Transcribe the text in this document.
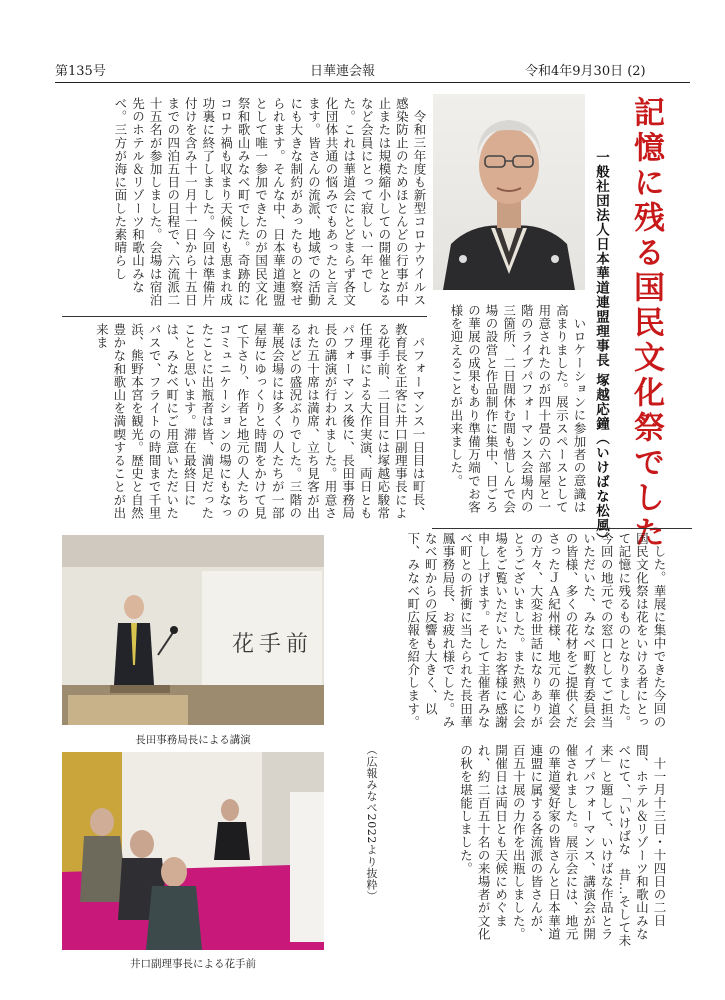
第135号	日華連会報	令和4年9月30日 (2)
記憶に残る国民文化祭でした
一般社団法人日本華道連盟理事長 塚越応鐘（いけばな松風）

令和三年度も新型コロナウイルス感染防止のためほとんどの行事が中止または規模縮小しての開催となるなど会員にとって寂しい一年でした。これは華道会にとどまらず各文化団体共通の悩みでもあったと言えます。皆さんの流派、地域での活動にも大きな制約があったものと察せられます。そんな中、日本華道連盟として唯一参加できたのが国民文化祭和歌山みなべ町でした。奇跡的にコロナ禍も収まり天候にも恵まれ成功裏に終了しました。今回は準備片付けを含み十一月十一日から十五日までの四泊五日の日程で、六流派二十五名が参加しました。会場は宿泊先のホテル＆リゾーツ和歌山みなべ。三方が海に面した素晴らし

いロケーションに参加者の意識は高まりました。展示スペースとして用意されたのが四十畳の六部屋と一階のライブパフォーマンス会場内の三箇所、二日間休む間も惜しんで会場の設営と作品制作に集中、日ごろの華展の成果もあり準備万端でお客様を迎えることが出来ました。

パフォーマンス一日目は町長、教育長を正客に井口副理事長による花手前、二日目には塚越応駿常任理事による大作実演、両日ともパフォーマンス後に、長田事務局長の講演が行われました。用意された五十席は満席、立ち見客が出るほどの盛況ぶりでした。三階の華展会場には多くの人たちが一部屋毎にゆっくりと時間をかけて見て下さり、作者と地元の人たちのコミュニケーションの場にもなったことに出瓶者は皆、満足だったことと思います。滞在最終日には、みなべ町にご用意いただいたバスで、フライトの時間まで千里浜、熊野本宮を観光。歴史と自然豊かな和歌山を満喫することが出来ま

した。華展に集中できた今回の国民文化祭は花をいける者にとって記憶に残るものとなりました。今回の地元での窓口としてご担当いただいた、みなべ町教育委員会の皆様、多くの花材をご提供くださったＪＡ紀州様、地元の華道会の方々、大変お世話になりありがとうございました。また熱心に会場をご覧いただいたお客様に感謝申し上げます。そして主催者みなべ町との折衝に当たられた長田華鳳事務局長、お疲れ様でした。みなべ町からの反響も大きく、以下、みなべ町広報を紹介します。

十一月十三日・十四日の二日間、ホテル＆リゾーツ和歌山みなべにて、「いけばな　昔…そして未来」と題して、いけばな作品とライブパフォーマンス、講演会が開催されました。展示会には、地元の華道愛好家の皆さんと日本華道連盟に属する各流派の皆さんが、百五十展の力作を出瓶しました。開催日は両日とも天候にめぐまれ、約二百五十名の来場者が文化の秋を堪能しました。

（広報みなべ2022より抜粋）
花手前
長田事務局長による講演
井口副理事長による花手前
